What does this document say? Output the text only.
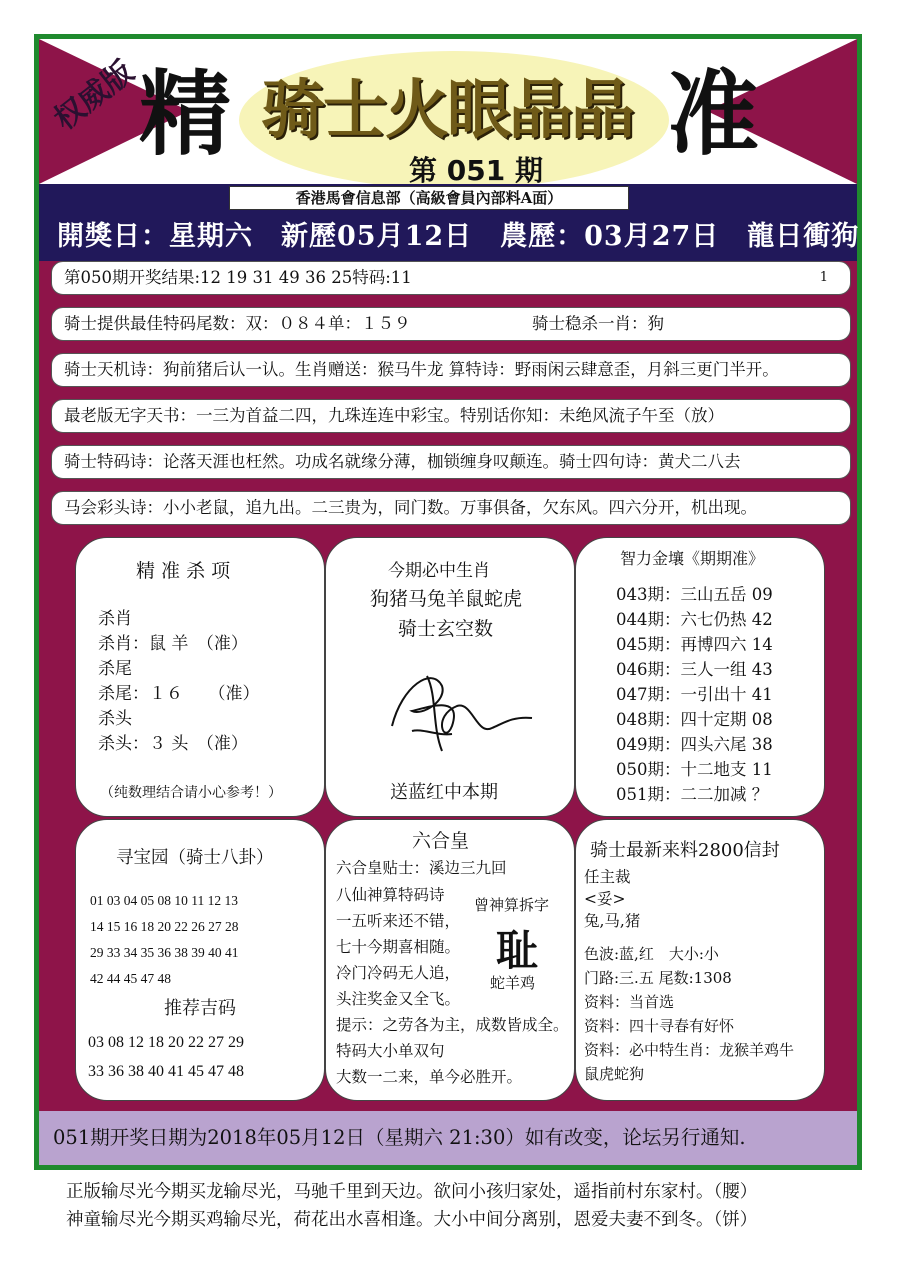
权威版
精 骑士火眼晶晶
第 051 期
准
香港馬會信息部（高級會員內部料A面）
開獎日：星期六　新歷05月12日　農歷：03月27日　龍日衝狗
第050期开奖结果:12 19 31 49 36 25特码:11	1
骑士提供最佳特码尾数：双：０８４单：１５９	骑士稳杀一肖：狗
骑士天机诗：狗前猪后认一认。生肖赠送：猴马牛龙 算特诗：野雨闲云肆意歪，月斜三更门半开。
最老版无字天书：一三为首益二四，九珠连连中彩宝。特别话你知：未绝风流子午至（放）
骑士特码诗：论落天涯也枉然。功成名就缘分薄，枷锁缠身叹颠连。骑士四句诗：黄犬二八去
马会彩头诗：小小老鼠，追九出。二三贵为，同门数。万事俱备，欠东风。四六分开，机出现。
精 准 杀 项
杀肖
杀肖：鼠 羊　（准）
杀尾
杀尾：１６　　（准）
杀头
杀头：３ 头　（准）
（纯数理结合请小心参考！）
今期必中生肖
狗猪马兔羊鼠蛇虎
骑士玄空数
送蓝红中本期
智力金壤《期期准》
043期：三山五岳 09
044期：六七仍热 42
045期：再博四六 14
046期：三人一组 43
047期：一引出十 41
048期：四十定期 08
049期：四头六尾 38
050期：十二地支 11
051期：二二加减 ？
寻宝园（骑士八卦）
01 03 04 05 08 10 11 12 13
14 15 16 18 20 22 26 27 28
29 33 34 35 36 38 39 40 41
42 44 45 47 48
推荐吉码
03 08 12 18 20 22 27 29
33 36 38 40 41 45 47 48
六合皇
六合皇贴士：溪边三九回
八仙神算特码诗
一五听来还不错，
七十今期喜相随。
冷门冷码无人追，
头注奖金又全飞。
提示：之劳各为主，成数皆成全。
特码大小单双句
大数一二来，单今必胜开。
曾神算拆字
耻
蛇羊鸡
骑士最新来料2800信封
任主裁
<妥>
兔,马,猪
色波:蓝,红　大小:小
门路:三.五 尾数:1308
资料：当首选
资料：四十寻春有好怀
资料：必中特生肖：龙猴羊鸡牛
鼠虎蛇狗
051期开奖日期为2018年05月12日（星期六 21:30）如有改变，论坛另行通知.
正版输尽光今期买龙输尽光，马驰千里到天边。欲问小孩归家处，遥指前村东家村。（腰）
神童输尽光今期买鸡输尽光，荷花出水喜相逢。大小中间分离别，恩爱夫妻不到冬。（饼）
